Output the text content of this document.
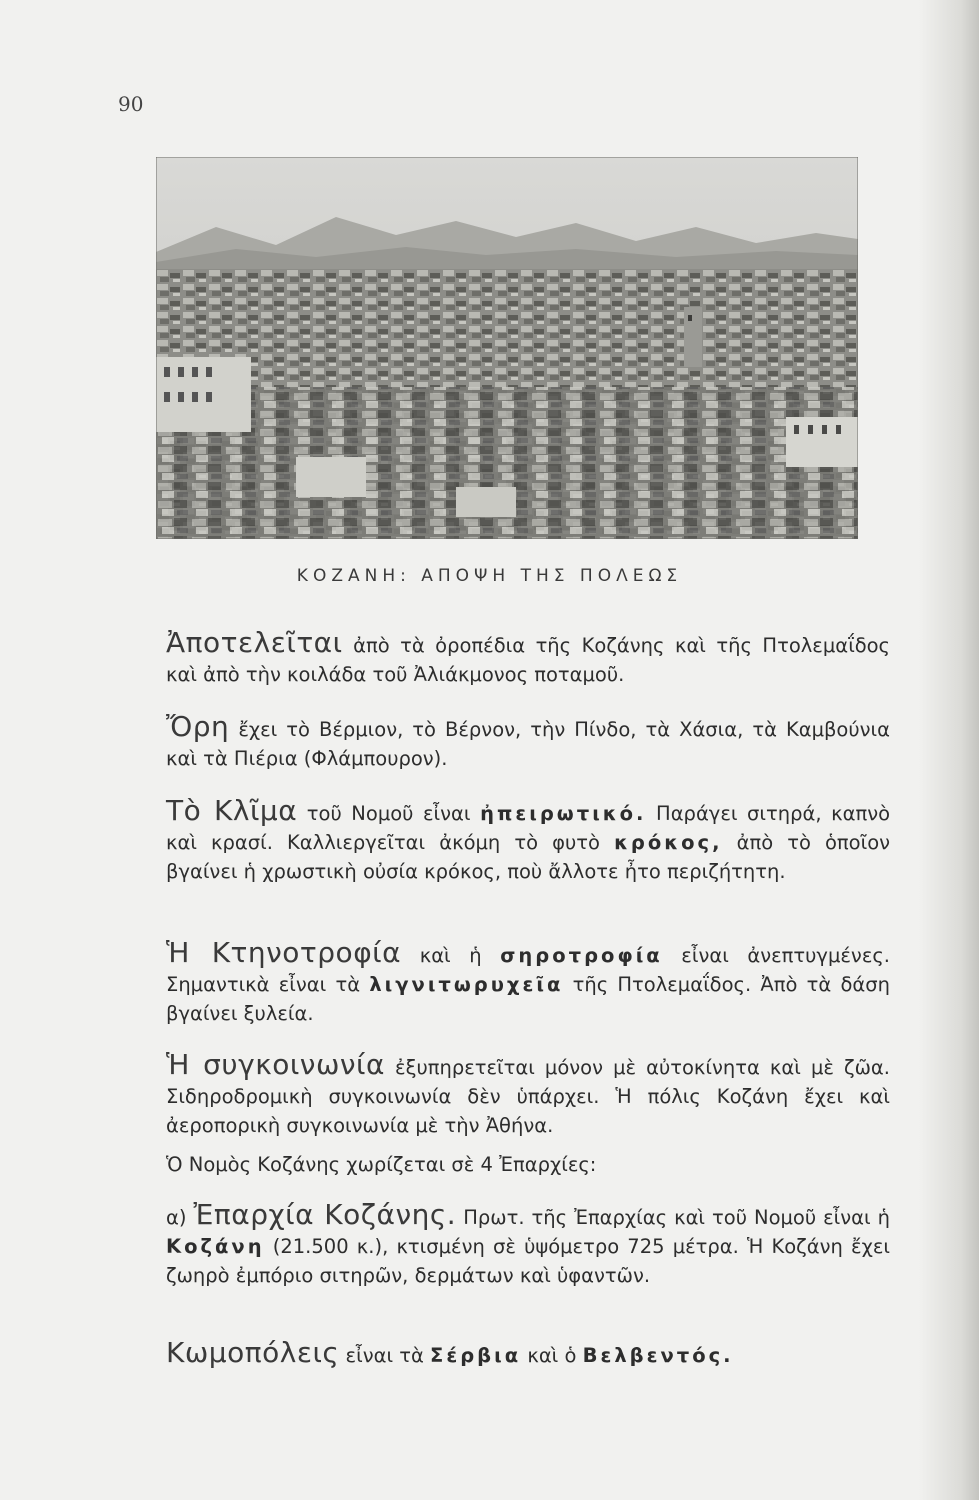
90
ΚΟΖΑΝΗ: ΑΠΟΨΗ ΤΗΣ ΠΟΛΕΩΣ

Ἀποτελεῖται ἀπὸ τὰ ὀροπέδια τῆς Κοζάνης καὶ τῆς Πτολεμαΐδος καὶ ἀπὸ τὴν κοιλάδα τοῦ Ἀλιάκμονος ποταμοῦ.

Ὄρη ἔχει τὸ Βέρμιον, τὸ Βέρνον, τὴν Πίνδο, τὰ Χάσια, τὰ Καμβούνια καὶ τὰ Πιέρια (Φλάμπουρον).

Τὸ Κλῖμα τοῦ Νομοῦ εἶναι ἠπειρωτικό. Παράγει σιτηρά, καπνὸ καὶ κρασί. Καλλιεργεῖται ἀκόμη τὸ φυτὸ κρόκος, ἀπὸ τὸ ὁποῖον βγαίνει ἡ χρωστικὴ οὐσία κρόκος, ποὺ ἄλλοτε ἦτο περιζήτητη.

Ἡ Κτηνοτροφία καὶ ἡ σηροτροφία εἶναι ἀνεπτυγμένες. Σημαντικὰ εἶναι τὰ λιγνιτωρυχεῖα τῆς Πτολεμαΐδος. Ἀπὸ τὰ δάση βγαίνει ξυλεία.

Ἡ συγκοινωνία ἐξυπηρετεῖται μόνον μὲ αὐτοκίνητα καὶ μὲ ζῶα. Σιδηροδρομικὴ συγκοινωνία δὲν ὑπάρχει. Ἡ πόλις Κοζάνη ἔχει καὶ ἀεροπορικὴ συγκοινωνία μὲ τὴν Ἀθήνα.

Ὁ Νομὸς Κοζάνης χωρίζεται σὲ 4 Ἐπαρχίες:

α) Ἐπαρχία Κοζάνης. Πρωτ. τῆς Ἐπαρχίας καὶ τοῦ Νομοῦ εἶναι ἡ Κοζάνη (21.500 κ.), κτισμένη σὲ ὑψόμετρο 725 μέτρα. Ἡ Κοζάνη ἔχει ζωηρὸ ἐμπόριο σιτηρῶν, δερμάτων καὶ ὑφαντῶν.

Κωμοπόλεις εἶναι τὰ Σέρβια καὶ ὁ Βελβεντός.
